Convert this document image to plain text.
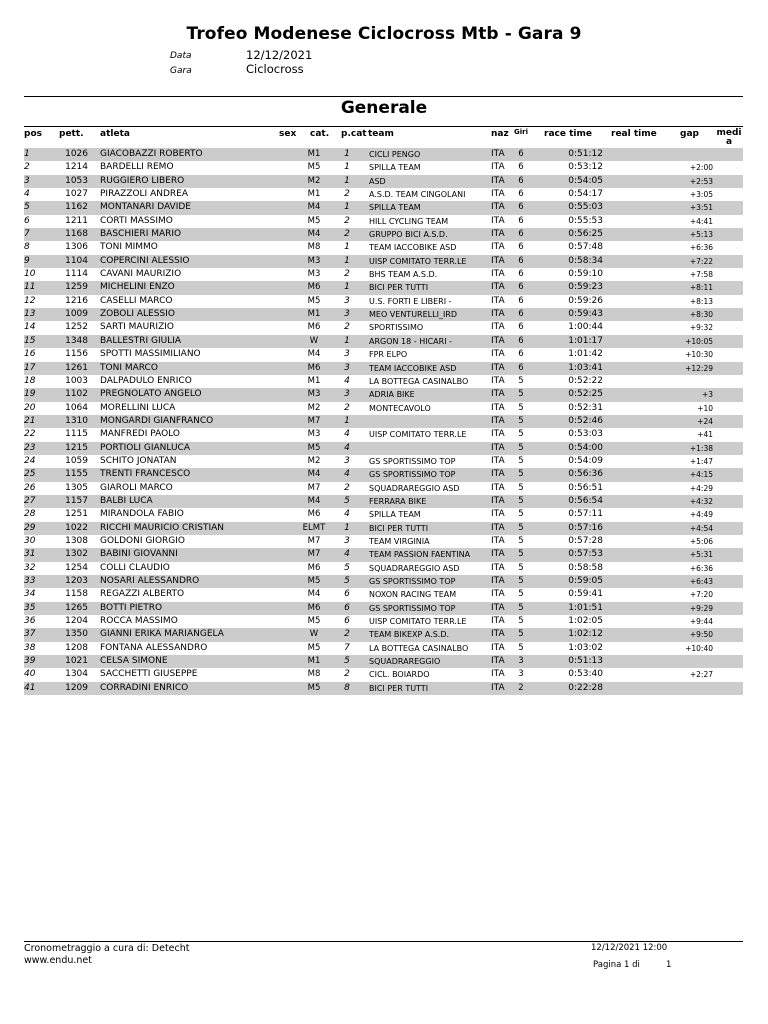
Trofeo Modenese Ciclocross Mtb - Gara 9
Data	12/12/2021
Gara	Ciclocross
Generale
pos pett. atleta	sex cat. p.cat team	naz Giri race time real time	gap medi a
1	1026 GIACOBAZZI ROBERTO	M1	1	CICLI PENGO	ITA 6	0:51:12
2	1214 BARDELLI REMO	M5	1	SPILLA TEAM	ITA 6	0:53:12	+2:00
3	1053 RUGGIERO LIBERO	M2	1	ASD	ITA 6	0:54:05	+2:53
4	1027 PIRAZZOLI ANDREA	M1	2	A.S.D. TEAM CINGOLANI	ITA 6	0:54:17	+3:05
5	1162 MONTANARI DAVIDE	M4	1	SPILLA TEAM	ITA 6	0:55:03	+3:51
6	1211 CORTI MASSIMO	M5	2	HILL CYCLING TEAM	ITA 6	0:55:53	+4:41
7	1168 BASCHIERI MARIO	M4	2	GRUPPO BICI A.S.D.	ITA 6	0:56:25	+5:13
8	1306 TONI MIMMO	M8	1	TEAM IACCOBIKE ASD	ITA 6	0:57:48	+6:36
9	1104 COPERCINI ALESSIO	M3	1	UISP COMITATO TERR.LE	ITA 6	0:58:34	+7:22
10	1114 CAVANI MAURIZIO	M3	2	BHS TEAM A.S.D.	ITA 6	0:59:10	+7:58
11	1259 MICHELINI ENZO	M6	1	BICI PER TUTTI	ITA 6	0:59:23	+8:11
12	1216 CASELLI MARCO	M5	3	U.S. FORTI E LIBERI -	ITA 6	0:59:26	+8:13
13	1009 ZOBOLI ALESSIO	M1	3	MEO VENTURELLI_IRD	ITA 6	0:59:43	+8:30
14	1252 SARTI MAURIZIO	M6	2	SPORTISSIMO	ITA 6	1:00:44	+9:32
15	1348 BALLESTRI GIULIA	W	1	ARGON 18 - HICARI -	ITA 6	1:01:17	+10:05
16	1156 SPOTTI MASSIMILIANO	M4	3	FPR ELPO	ITA 6	1:01:42	+10:30
17	1261 TONI MARCO	M6	3	TEAM IACCOBIKE ASD	ITA 6	1:03:41	+12:29
18	1003 DALPADULO ENRICO	M1	4	LA BOTTEGA CASINALBO	ITA 5	0:52:22
19	1102 PREGNOLATO ANGELO	M3	3	ADRIA BIKE	ITA 5	0:52:25	+3
20	1064 MORELLINI LUCA	M2	2	MONTECAVOLO	ITA 5	0:52:31	+10
21	1310 MONGARDI GIANFRANCO	M7	1	ITA 5	0:52:46	+24
22	1115 MANFREDI PAOLO	M3	4	UISP COMITATO TERR.LE	ITA 5	0:53:03	+41
23	1215 PORTIOLI GIANLUCA	M5	4	ITA 5	0:54:00	+1:38
24	1059 SCHITO JONATAN	M2	3	GS SPORTISSIMO TOP	ITA 5	0:54:09	+1:47
25	1155 TRENTI FRANCESCO	M4	4	GS SPORTISSIMO TOP	ITA 5	0:56:36	+4:15
26	1305 GIAROLI MARCO	M7	2	SQUADRAREGGIO ASD	ITA 5	0:56:51	+4:29
27	1157 BALBI LUCA	M4	5	FERRARA BIKE	ITA 5	0:56:54	+4:32
28	1251 MIRANDOLA FABIO	M6	4	SPILLA TEAM	ITA 5	0:57:11	+4:49
29	1022 RICCHI MAURICIO CRISTIAN	ELMT	1	BICI PER TUTTI	ITA 5	0:57:16	+4:54
30	1308 GOLDONI GIORGIO	M7	3	TEAM VIRGINIA	ITA 5	0:57:28	+5:06
31	1302 BABINI GIOVANNI	M7	4	TEAM PASSION FAENTINA ITA 5	0:57:53	+5:31
32	1254 COLLI CLAUDIO	M6	5	SQUADRAREGGIO ASD	ITA 5	0:58:58	+6:36
33	1203 NOSARI ALESSANDRO	M5	5	GS SPORTISSIMO TOP	ITA 5	0:59:05	+6:43
34	1158 REGAZZI ALBERTO	M4	6	NOXON RACING TEAM	ITA 5	0:59:41	+7:20
35	1265 BOTTI PIETRO	M6	6	GS SPORTISSIMO TOP	ITA 5	1:01:51	+9:29
36	1204 ROCCA MASSIMO	M5	6	UISP COMITATO TERR.LE	ITA 5	1:02:05	+9:44
37	1350 GIANNI ERIKA MARIANGELA	W	2	TEAM BIKEXP A.S.D.	ITA 5	1:02:12	+9:50
38	1208 FONTANA ALESSANDRO	M5	7	LA BOTTEGA CASINALBO	ITA 5	1:03:02	+10:40
39	1021 CELSA SIMONE	M1	5	SQUADRAREGGIO	ITA 3	0:51:13
40	1304 SACCHETTI GIUSEPPE	M8	2	CICL. BOIARDO	ITA 3	0:53:40	+2:27
41	1209 CORRADINI ENRICO	M5	8	BICI PER TUTTI	ITA 2	0:22:28
Cronometraggio a cura di: Detecht
www.endu.net
12/12/2021 12:00
Pagina 1 di	1
